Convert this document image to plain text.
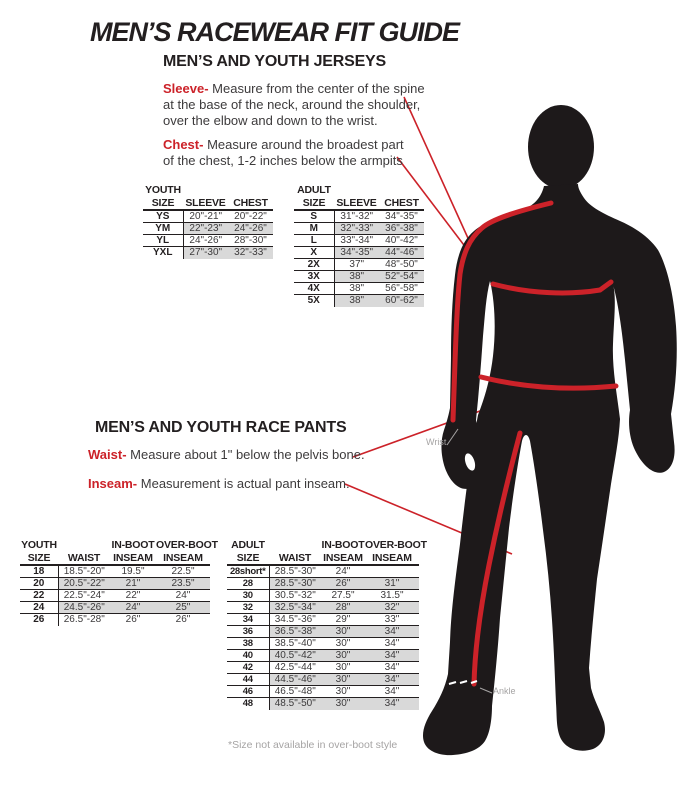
MEN’S RACEWEAR FIT GUIDE
MEN’S AND YOUTH JERSEYS

Sleeve- Measure from the center of the spine
at the base of the neck, around the shoulder,
over the elbow and down to the wrist.

Chest- Measure around the broadest part
of the chest, 1-2 inches below the armpits

YOUTH		
SIZE	SLEEVE	CHEST
YS	20"-21"	20"-22"
YM	22"-23"	24"-26"
YL	24"-26"	28"-30"
YXL	27"-30"	32"-33"
ADULT		
SIZE	SLEEVE	CHEST
S	31"-32"	34"-35"
M	32"-33"	36"-38"
L	33"-34"	40"-42"
X	34"-35"	44"-46"
2X	37"	48"-50"
3X	38"	52"-54"
4X	38"	56"-58"
5X	38"	60"-62"
MEN’S AND YOUTH RACE PANTS

Waist- Measure about 1" below the pelvis bone.

Inseam- Measurement is actual pant inseam.

YOUTH		IN-BOOT	OVER-BOOT
SIZE	WAIST	INSEAM	INSEAM
18	18.5"-20"	19.5"	22.5"
20	20.5"-22"	21"	23.5"
22	22.5"-24"	22"	24"
24	24.5"-26"	24"	25"
26	26.5"-28"	26"	26"
ADULT		IN-BOOT	OVER-BOOT
SIZE	WAIST	INSEAM	INSEAM
28short*	28.5"-30"	24"	
28	28.5"-30"	26"	31"
30	30.5"-32"	27.5"	31.5"
32	32.5"-34"	28"	32"
34	34.5"-36"	29"	33"
36	36.5"-38"	30"	34"
38	38.5"-40"	30"	34"
40	40.5"-42"	30"	34"
42	42.5"-44"	30"	34"
44	44.5"-46"	30"	34"
46	46.5"-48"	30"	34"
48	48.5"-50"	30"	34"
*Size not available in over-boot style
Wrist
Ankle
